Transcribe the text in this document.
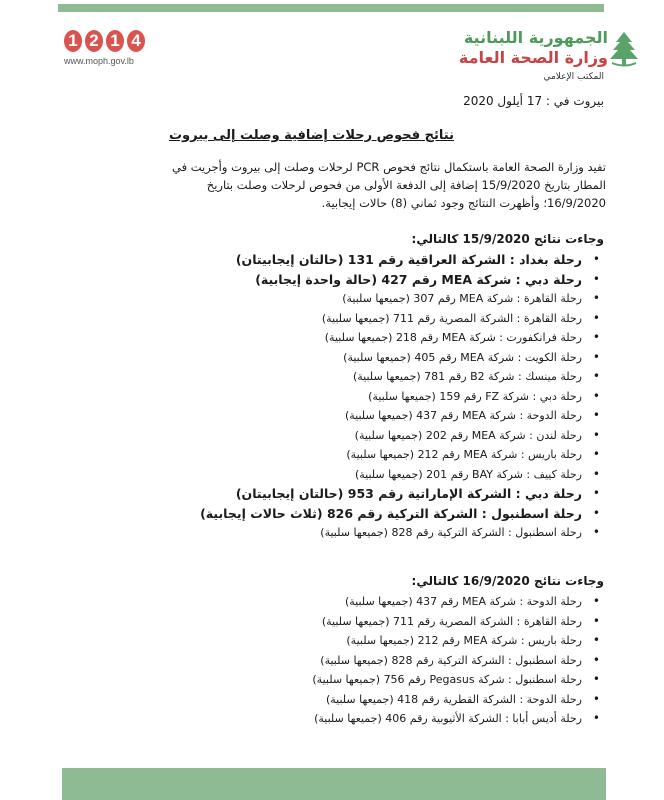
1 2 1 4
www.moph.gov.lb
الجمهورية اللبنانية
وزارة الصحة العامة
المكتب الإعلامي
بيروت في : 17 أيلول 2020
نتائج فحوص رحلات إضافية وصلت إلى بيروت

تفيد وزارة الصحة العامة باستكمال نتائج فحوص PCR لرحلات وصلت إلى بيروت وأجريت في

المطار بتاريخ 15/9/2020 إضافة إلى الدفعة الأولى من فحوص لرحلات وصلت بتاريخ

16/9/2020؛ وأظهرت النتائج وجود ثماني (8) حالات إيجابية.

وجاءت نتائج 15/9/2020 كالتالي:
• رحلة بغداد : الشركة العراقية رقم 131 (حالتان إيجابيتان)
• رحلة دبي : شركة MEA رقم 427 (حالة واحدة إيجابية)
• رحلة القاهرة : شركة MEA رقم 307 (جميعها سلبية)
• رحلة القاهرة : الشركة المصرية رقم 711 (جميعها سلبية)
• رحلة فرانكفورت : شركة MEA رقم 218 (جميعها سلبية)
• رحلة الكويت : شركة MEA رقم 405 (جميعها سلبية)
• رحلة مينسك : شركة B2 رقم 781 (جميعها سلبية)
• رحلة دبي : شركة FZ رقم 159 (جميعها سلبية)
• رحلة الدوحة : شركة MEA رقم 437 (جميعها سلبية)
• رحلة لندن : شركة MEA رقم 202 (جميعها سلبية)
• رحلة باريس : شركة MEA رقم 212 (جميعها سلبية)
• رحلة كييف : شركة BAY رقم 201 (جميعها سلبية)
• رحلة دبي : الشركة الإماراتية رقم 953 (حالتان إيجابيتان)
• رحلة اسطنبول : الشركة التركية رقم 826 (ثلاث حالات إيجابية)
• رحلة اسطنبول : الشركة التركية رقم 828 (جميعها سلبية)
وجاءت نتائج 16/9/2020 كالتالي:
• رحلة الدوحة : شركة MEA رقم 437 (جميعها سلبية)
• رحلة القاهرة : الشركة المصرية رقم 711 (جميعها سلبية)
• رحلة باريس : شركة MEA رقم 212 (جميعها سلبية)
• رحلة اسطنبول : الشركة التركية رقم 828 (جميعها سلبية)
• رحلة اسطنبول : شركة Pegasus رقم 756 (جميعها سلبية)
• رحلة الدوحة : الشركة القطرية رقم 418 (جميعها سلبية)
• رحلة أديس أبابا : الشركة الأثيوبية رقم 406 (جميعها سلبية)
